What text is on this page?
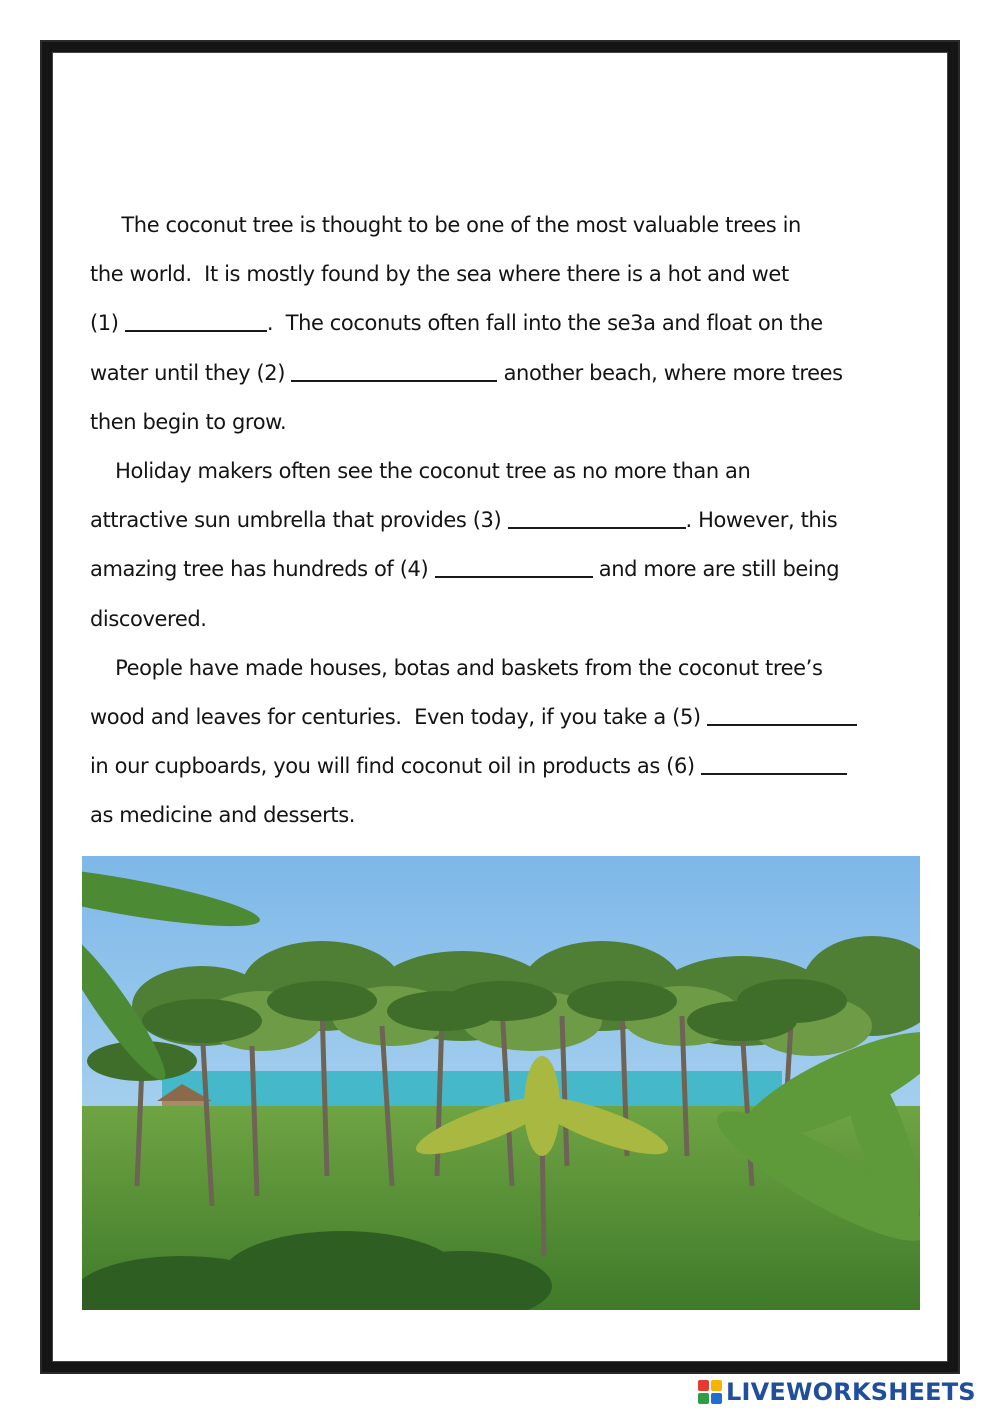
The coconut tree is thought to be one of the most valuable trees in

the world.  It is mostly found by the sea where there is a hot and wet

(1)	.  The coconuts often fall into the se3a and float on the

water until they (2)	another beach, where more trees

then begin to grow.

Holiday makers often see the coconut tree as no more than an

attractive sun umbrella that provides (3)	. However, this

amazing tree has hundreds of (4)	and more are still being

discovered.

People have made houses, botas and baskets from the coconut tree’s

wood and leaves for centuries.  Even today, if you take a (5)

in our cupboards, you will find coconut oil in products as (6)

as medicine and desserts.

LIVEWORKSHEETS
